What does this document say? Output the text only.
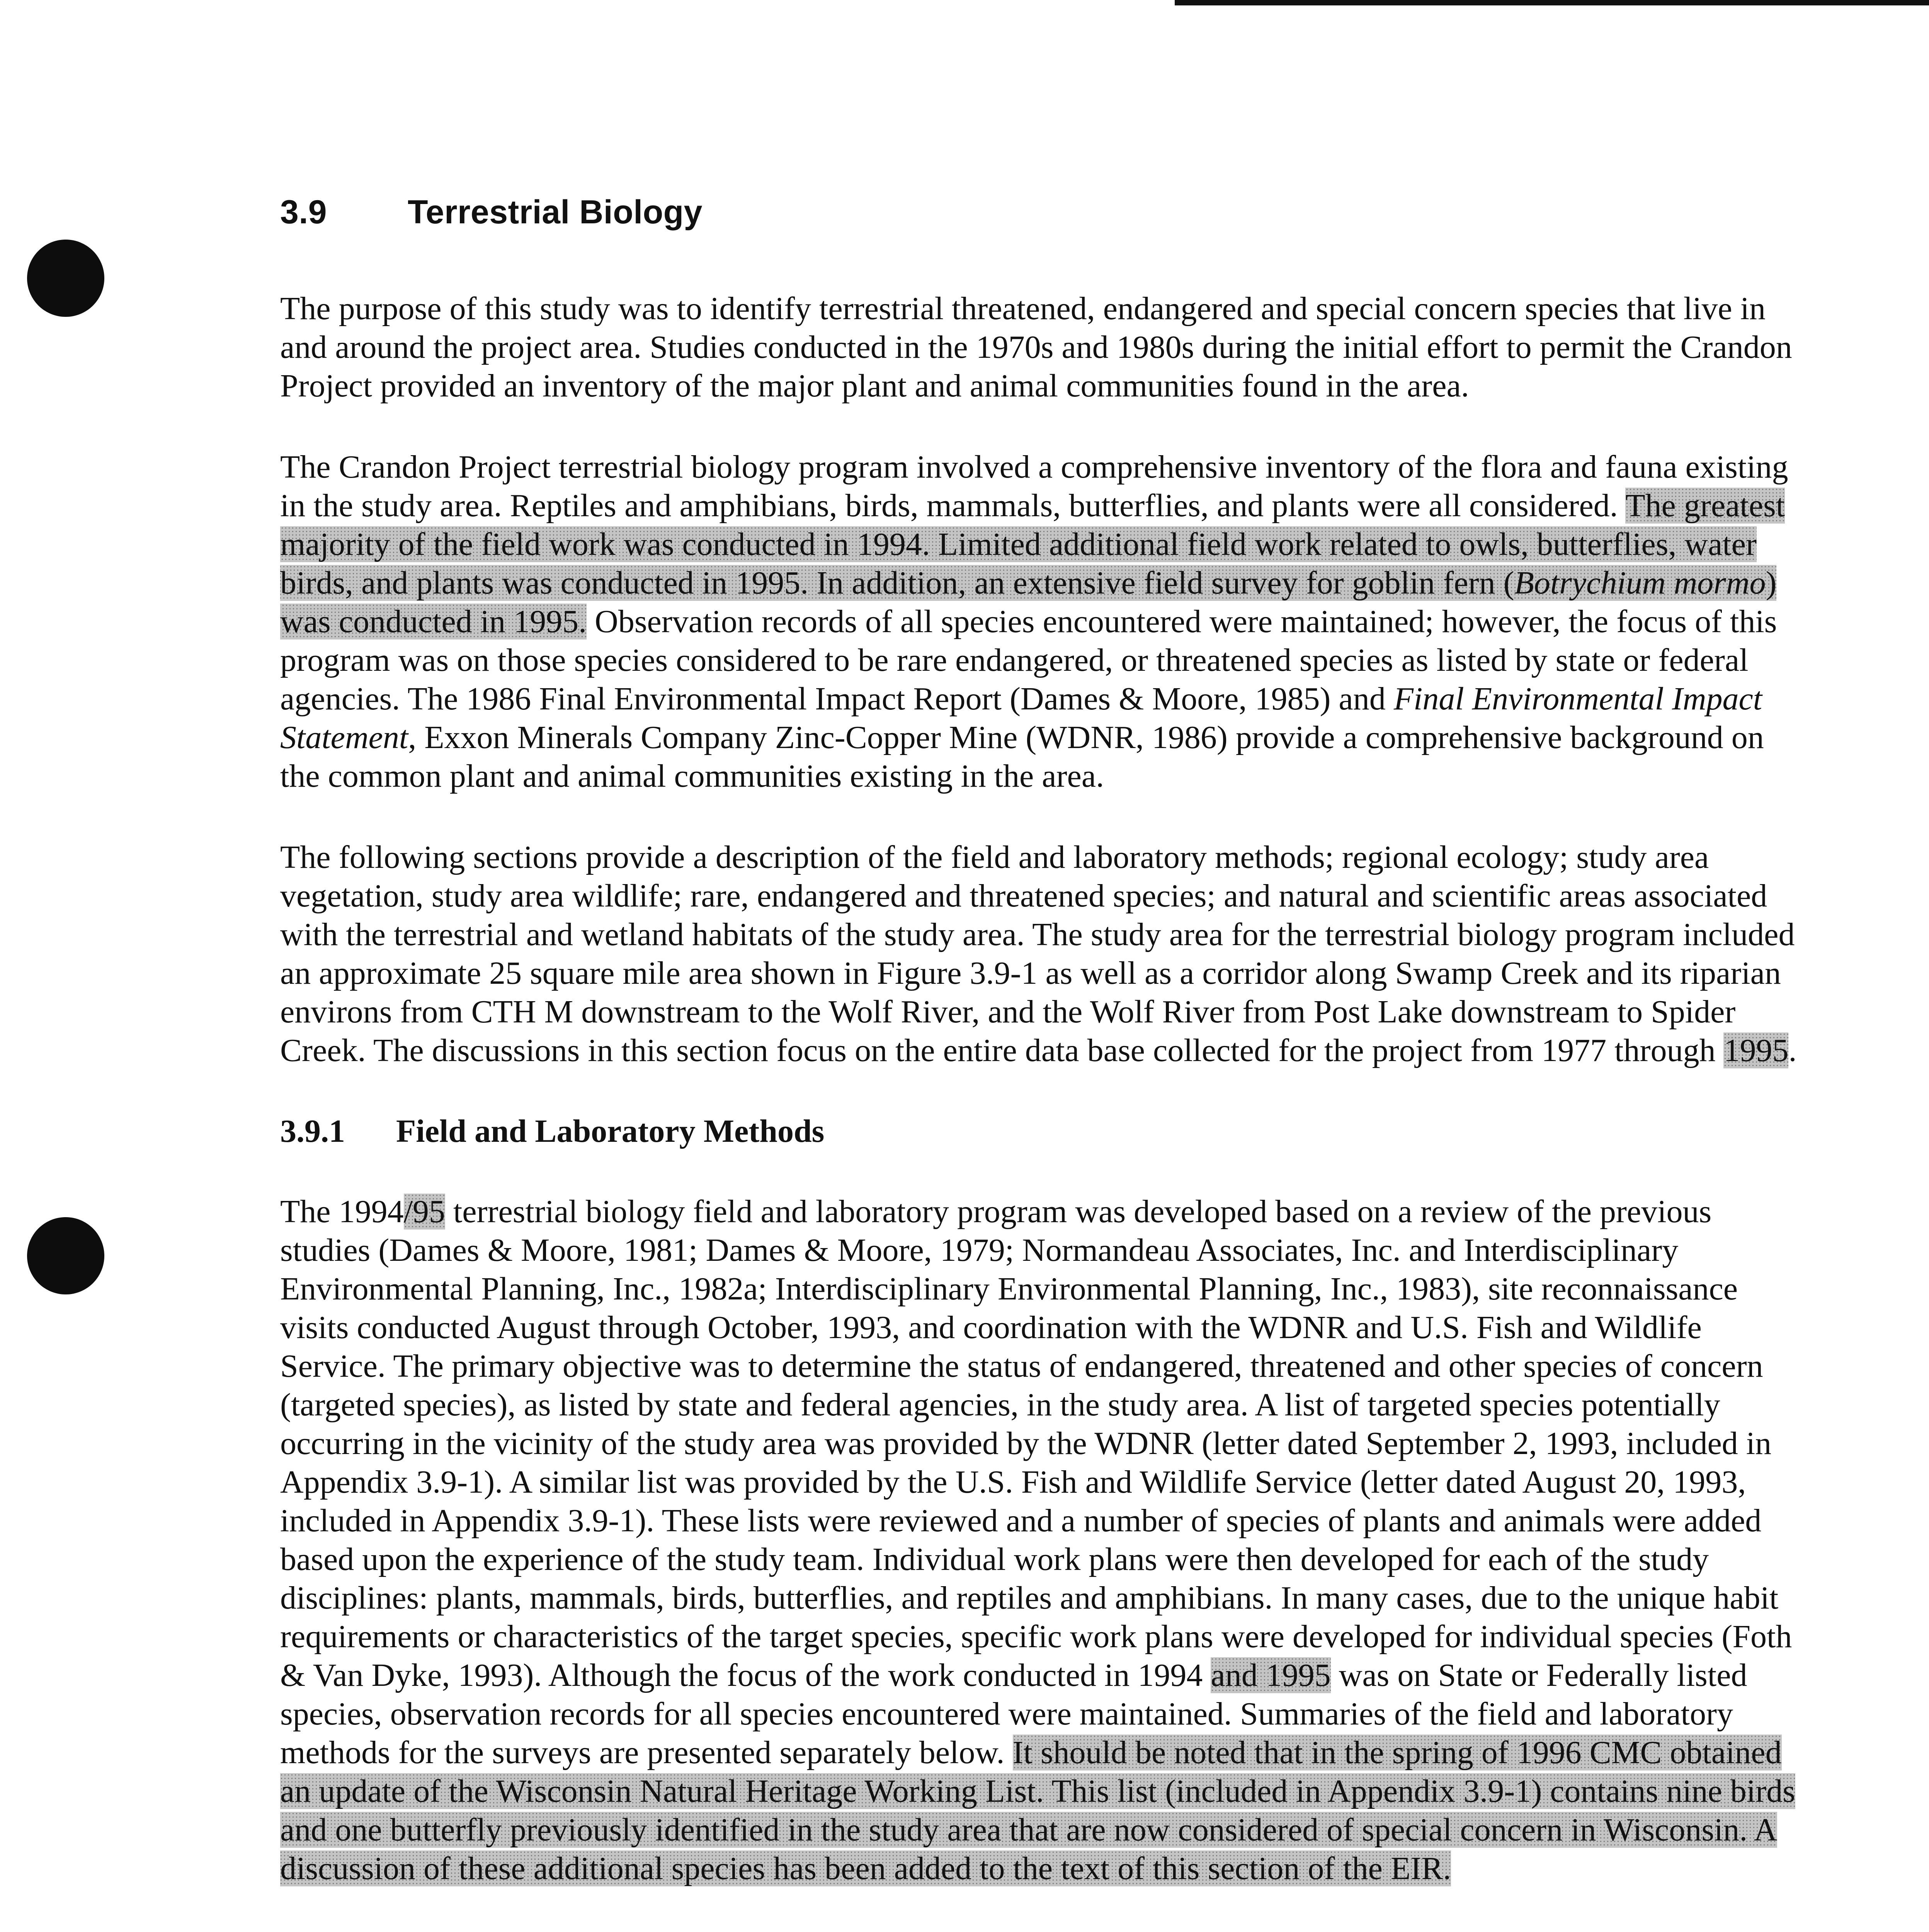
3.9	Terrestrial Biology

The purpose of this study was to identify terrestrial threatened, endangered and special concern species that live in and around the project area. Studies conducted in the 1970s and 1980s during the initial effort to permit the Crandon Project provided an inventory of the major plant and animal communities found in the area.

The Crandon Project terrestrial biology program involved a comprehensive inventory of the flora and fauna existing in the study area. Reptiles and amphibians, birds, mammals, butterflies, and plants were all considered. The greatest majority of the field work was conducted in 1994. Limited additional field work related to owls, butterflies, water birds, and plants was conducted in 1995. In addition, an extensive field survey for goblin fern (Botrychium mormo) was conducted in 1995. Observation records of all species encountered were maintained; however, the focus of this program was on those species considered to be rare endangered, or threatened species as listed by state or federal agencies. The 1986 Final Environmental Impact Report (Dames & Moore, 1985) and Final Environmental Impact Statement, Exxon Minerals Company Zinc-Copper Mine (WDNR, 1986) provide a comprehensive background on the common plant and animal communities existing in the area.

The following sections provide a description of the field and laboratory methods; regional ecology; study area vegetation, study area wildlife; rare, endangered and threatened species; and natural and scientific areas associated with the terrestrial and wetland habitats of the study area. The study area for the terrestrial biology program included an approximate 25 square mile area shown in Figure 3.9-1 as well as a corridor along Swamp Creek and its riparian environs from CTH M downstream to the Wolf River, and the Wolf River from Post Lake downstream to Spider Creek. The discussions in this section focus on the entire data base collected for the project from 1977 through 1995.

3.9.1	Field and Laboratory Methods

The 1994/95 terrestrial biology field and laboratory program was developed based on a review of the previous studies (Dames & Moore, 1981; Dames & Moore, 1979; Normandeau Associates, Inc. and Interdisciplinary Environmental Planning, Inc., 1982a; Interdisciplinary Environmental Planning, Inc., 1983), site reconnaissance visits conducted August through October, 1993, and coordination with the WDNR and U.S. Fish and Wildlife Service. The primary objective was to determine the status of endangered, threatened and other species of concern (targeted species), as listed by state and federal agencies, in the study area. A list of targeted species potentially occurring in the vicinity of the study area was provided by the WDNR (letter dated September 2, 1993, included in Appendix 3.9-1). A similar list was provided by the U.S. Fish and Wildlife Service (letter dated August 20, 1993, included in Appendix 3.9-1). These lists were reviewed and a number of species of plants and animals were added based upon the experience of the study team. Individual work plans were then developed for each of the study disciplines: plants, mammals, birds, butterflies, and reptiles and amphibians. In many cases, due to the unique habit requirements or characteristics of the target species, specific work plans were developed for individual species (Foth & Van Dyke, 1993). Although the focus of the work conducted in 1994 and 1995 was on State or Federally listed species, observation records for all species encountered were maintained. Summaries of the field and laboratory methods for the surveys are presented separately below. It should be noted that in the spring of 1996 CMC obtained an update of the Wisconsin Natural Heritage Working List. This list (included in Appendix 3.9-1) contains nine birds and one butterfly previously identified in the study area that are now considered of special concern in Wisconsin. A discussion of these additional species has been added to the text of this section of the EIR.
